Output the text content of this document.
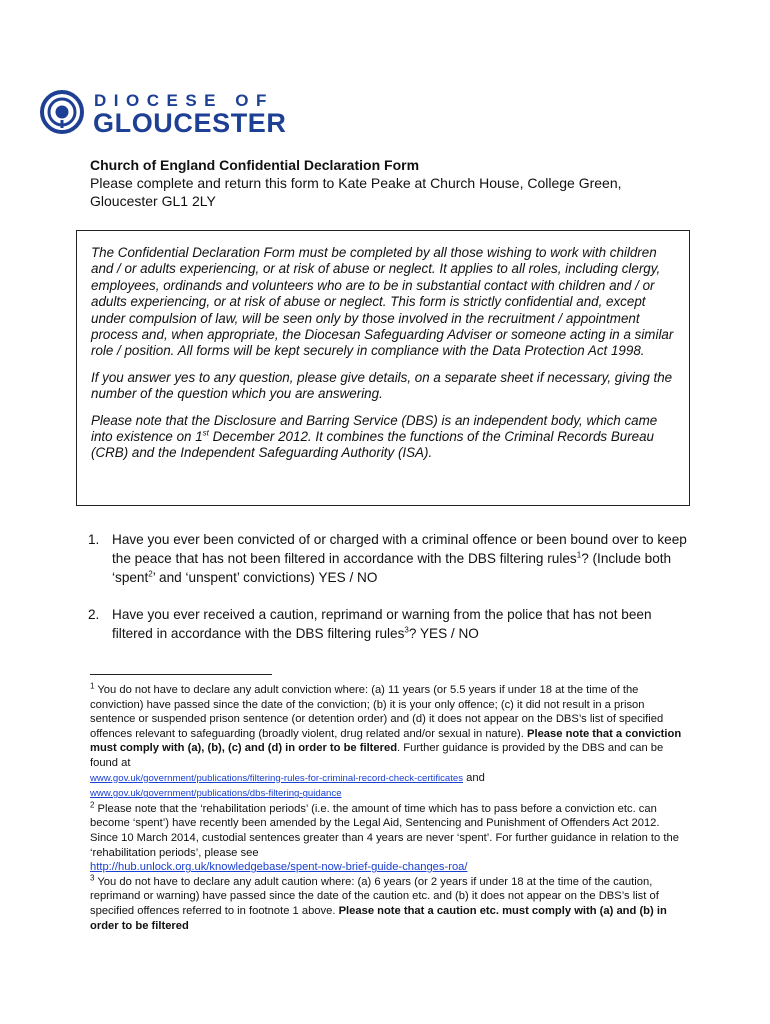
DIOCESE OF
GLOUCESTER
Church of England Confidential Declaration Form
Please complete and return this form to Kate Peake at Church House, College Green, Gloucester GL1 2LY

The Confidential Declaration Form must be completed by all those wishing to work with children and / or adults experiencing, or at risk of abuse or neglect. It applies to all roles, including clergy, employees, ordinands and volunteers who are to be in substantial contact with children and / or adults experiencing, or at risk of abuse or neglect. This form is strictly confidential and, except under compulsion of law, will be seen only by those involved in the recruitment / appointment process and, when appropriate, the Diocesan Safeguarding Adviser or someone acting in a similar role / position. All forms will be kept securely in compliance with the Data Protection Act 1998.

If you answer yes to any question, please give details, on a separate sheet if necessary, giving the number of the question which you are answering.

Please note that the Disclosure and Barring Service (DBS) is an independent body, which came into existence on 1st December 2012. It combines the functions of the Criminal Records Bureau (CRB) and the Independent Safeguarding Authority (ISA).

1. Have you ever been convicted of or charged with a criminal offence or been bound over to keep the peace that has not been filtered in accordance with the DBS filtering rules$^1$? (Include both ‘spent$^2$’ and ‘unspent’ convictions) YES / NO
2. Have you ever received a caution, reprimand or warning from the police that has not been filtered in accordance with the DBS filtering rules$^3$? YES / NO

$^1$ You do not have to declare any adult conviction where: (a) 11 years (or 5.5 years if under 18 at the time of the conviction) have passed since the date of the conviction; (b) it is your only offence; (c) it did not result in a prison sentence or suspended prison sentence (or detention order) and (d) it does not appear on the DBS’s list of specified offences relevant to safeguarding (broadly violent, drug related and/or sexual in nature). Please note that a conviction must comply with (a), (b), (c) and (d) in order to be filtered. Further guidance is provided by the DBS and can be found at
www.gov.uk/government/publications/filtering-rules-for-criminal-record-check-certificates and
www.gov.uk/government/publications/dbs-filtering-guidance

$^2$ Please note that the ‘rehabilitation periods’ (i.e. the amount of time which has to pass before a conviction etc. can become ‘spent’) have recently been amended by the Legal Aid, Sentencing and Punishment of Offenders Act 2012. Since 10 March 2014, custodial sentences greater than 4 years are never ‘spent’. For further guidance in relation to the ‘rehabilitation periods’, please see
http://hub.unlock.org.uk/knowledgebase/spent-now-brief-guide-changes-roa/

$^3$ You do not have to declare any adult caution where: (a) 6 years (or 2 years if under 18 at the time of the caution, reprimand or warning) have passed since the date of the caution etc. and (b) it does not appear on the DBS’s list of specified offences referred to in footnote 1 above. Please note that a caution etc. must comply with (a) and (b) in order to be filtered
